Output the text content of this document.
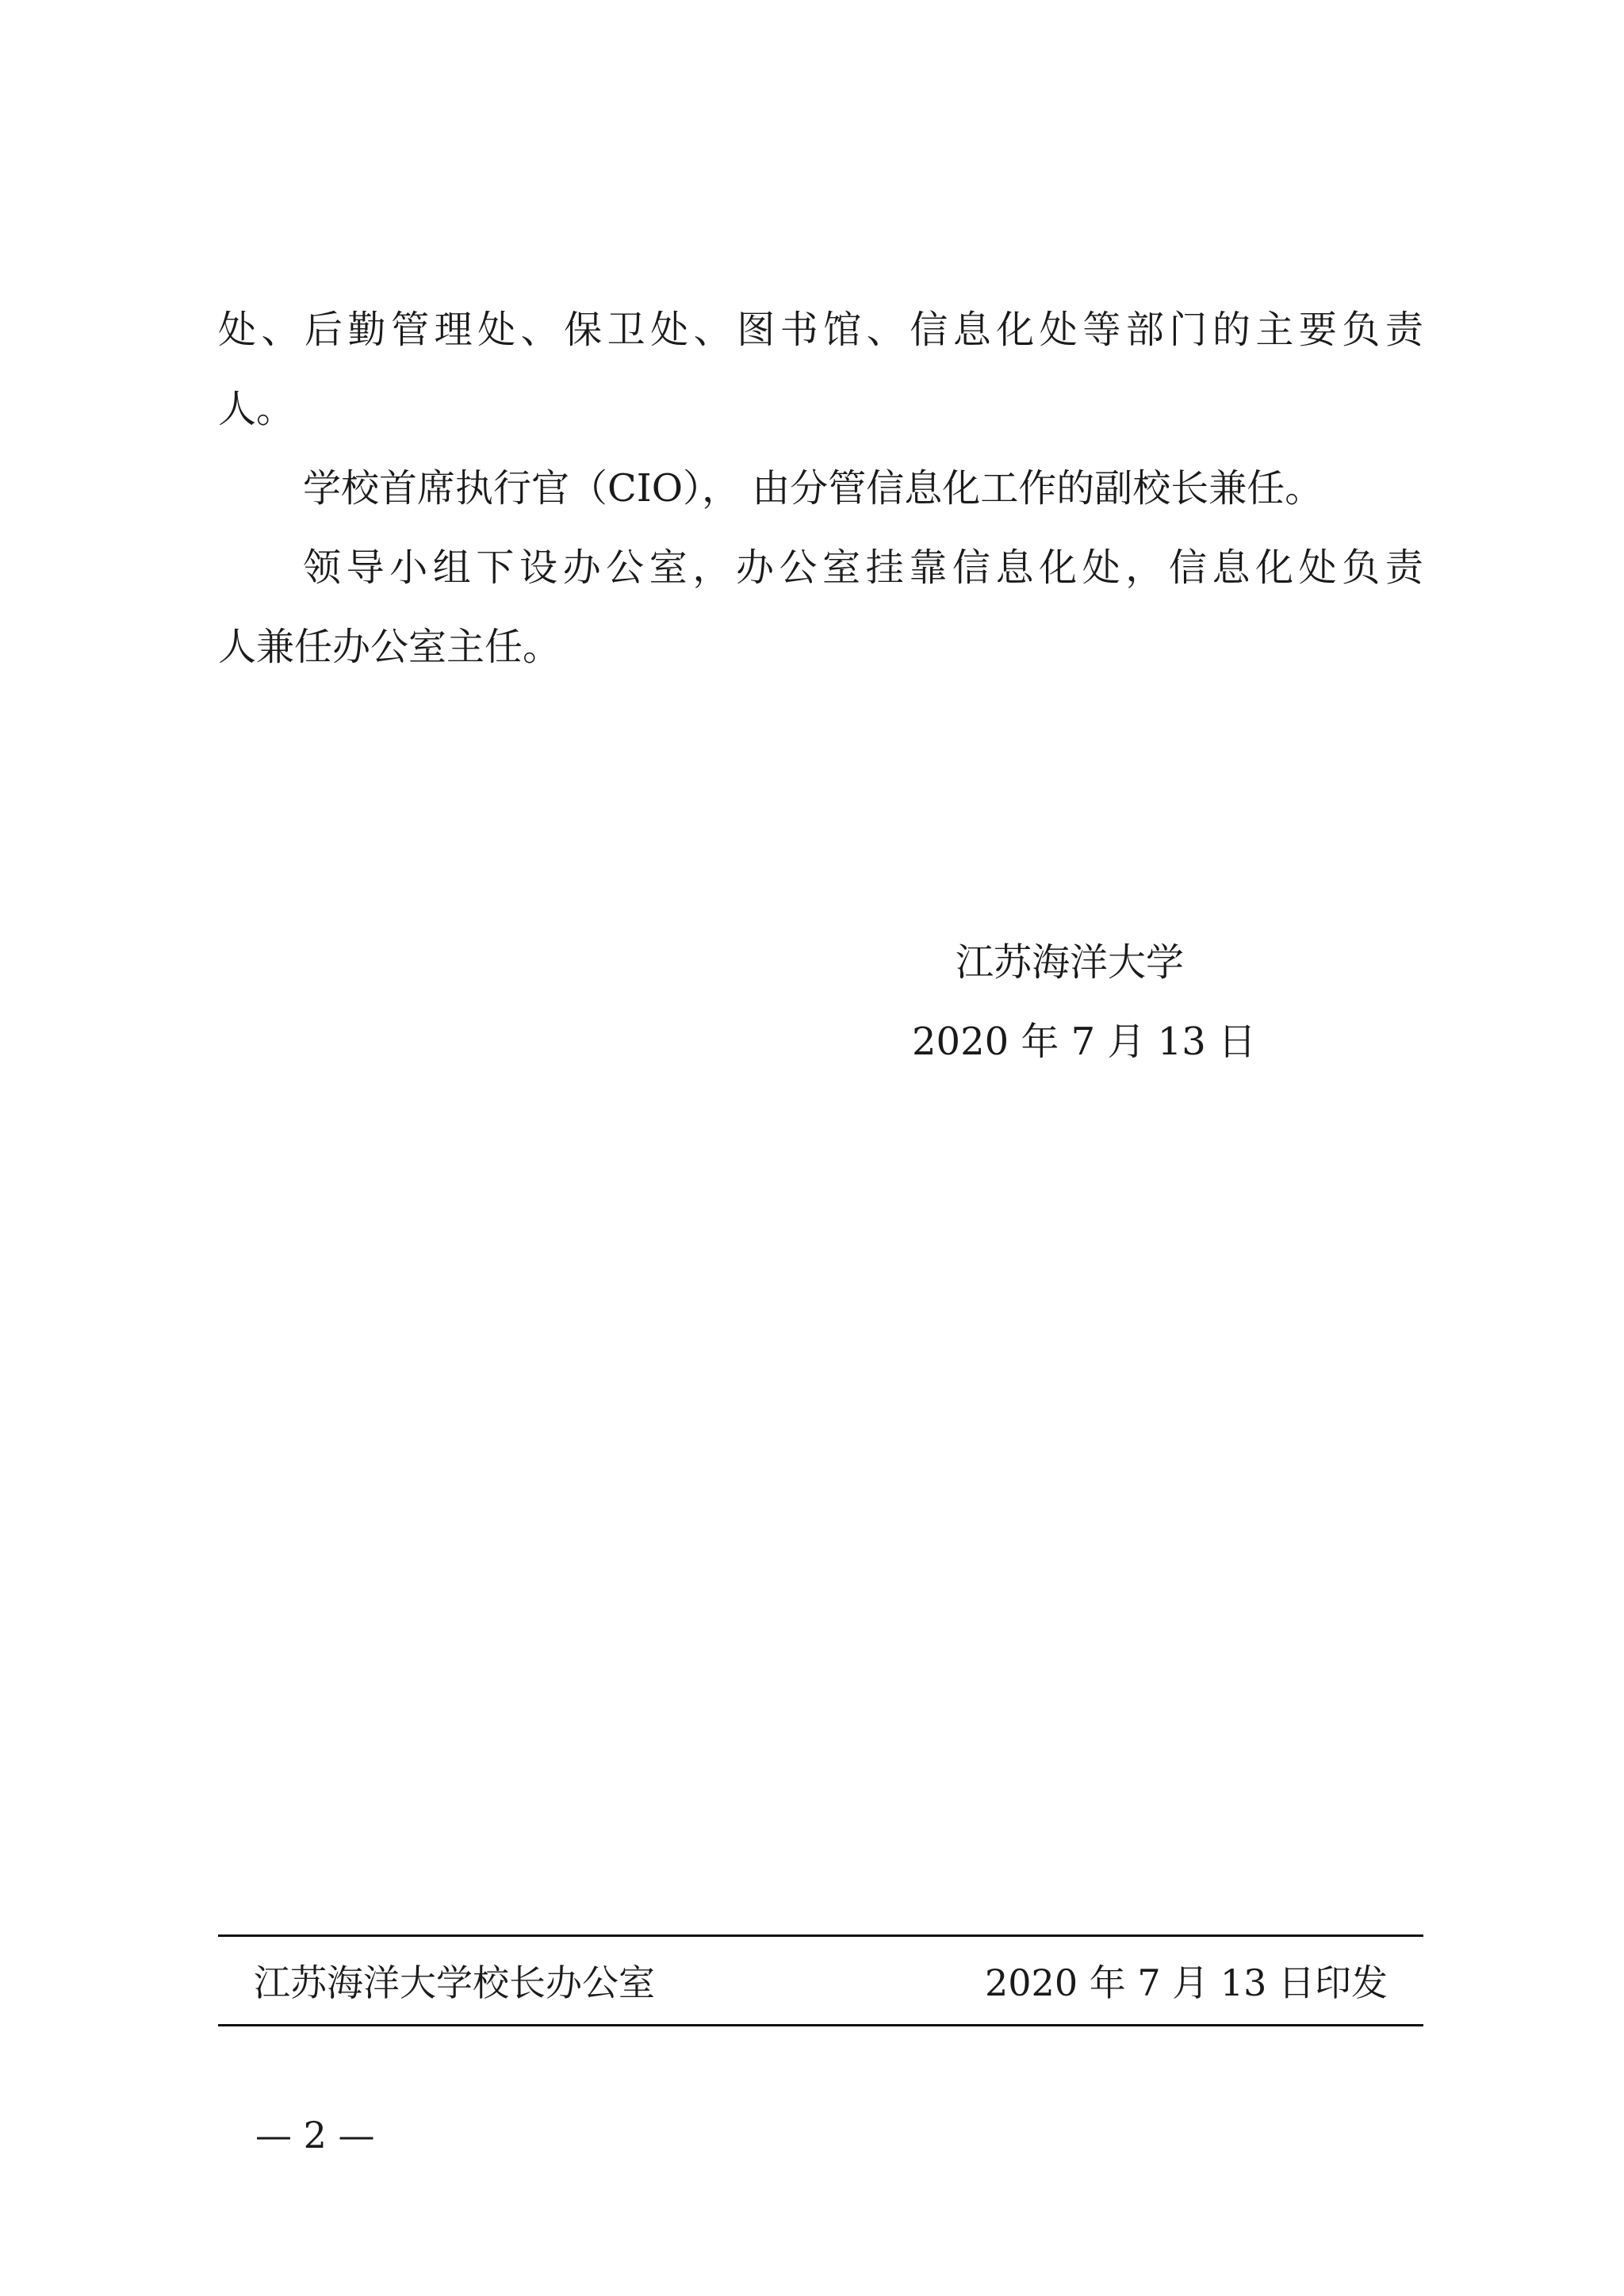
处 、 后 勤 管 理 处 、 保 卫 处 、 图 书 馆 、 信 息 化 处 等 部 门 的 主 要 负 责
人。
学校首席执行官（CIO）， 由分管信息化工作的副校长兼任。
领 导 小 组 下 设 办 公 室 ， 办 公 室 挂 靠 信 息 化 处 ， 信 息 化 处 负 责
人兼任办公室主任。
江苏海洋大学
2020 年 7 月 13 日
江苏海洋大学校长办公室	2020 年 7 月 13 日印发
— 2 —
